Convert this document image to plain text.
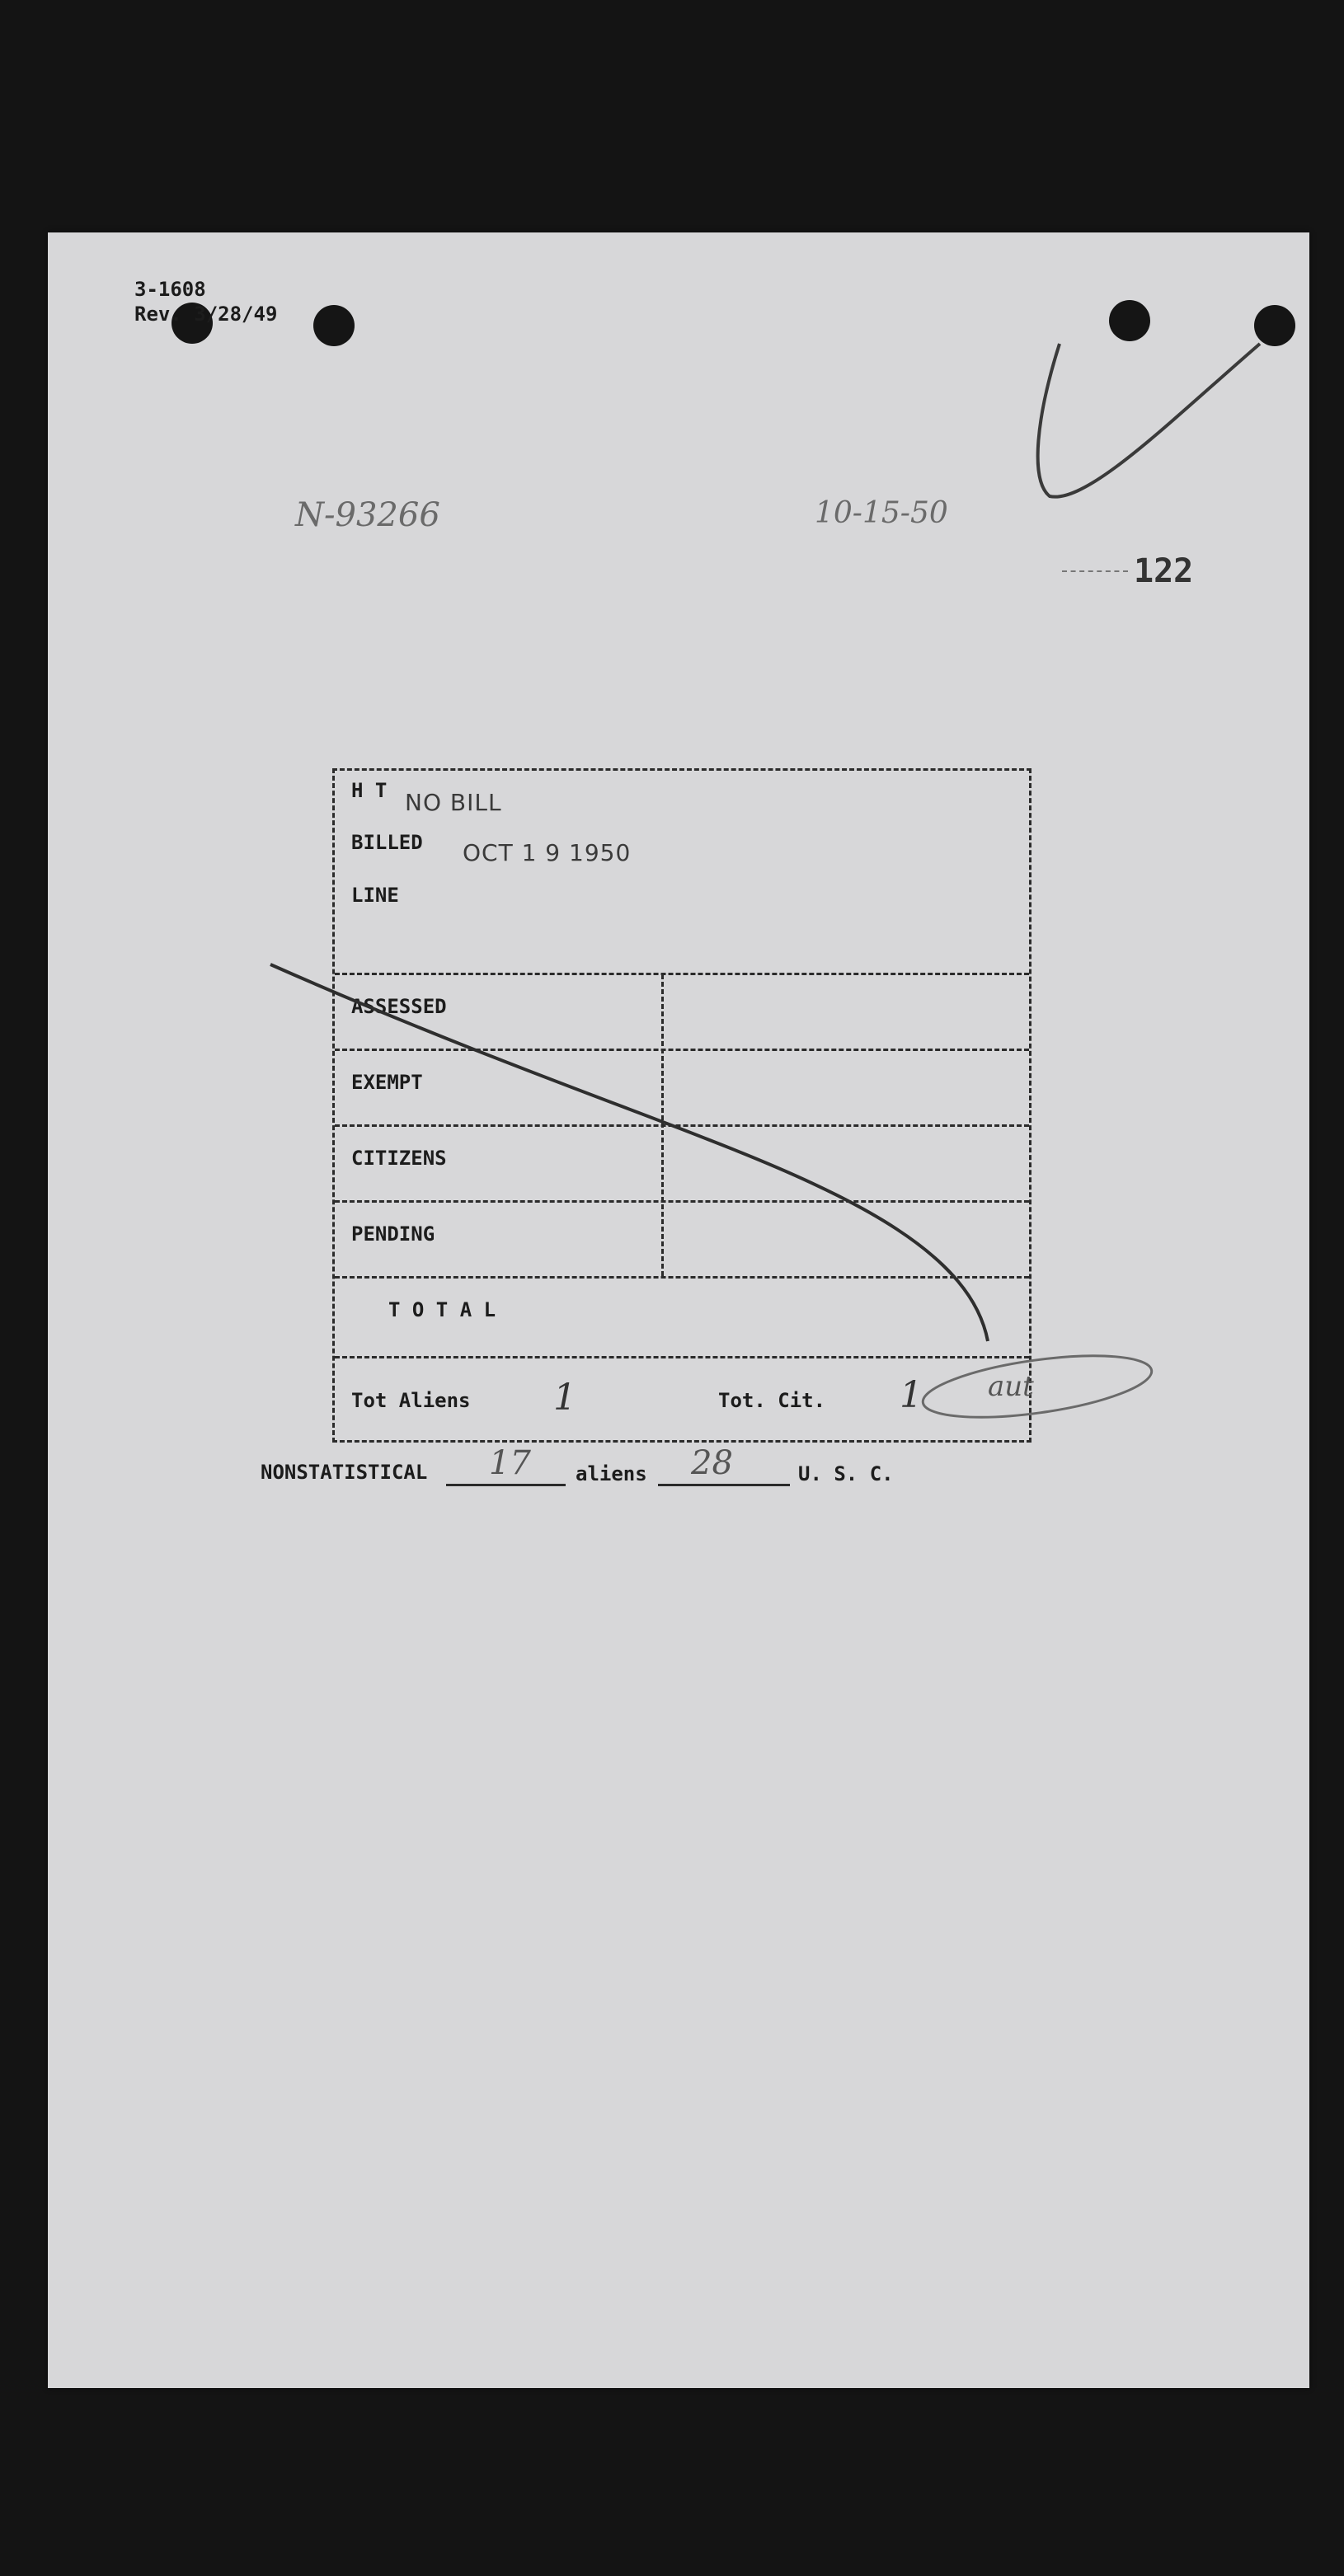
3-1608
Rev. 3/28/49
N-93266	10-15-50
122
H T NO BILL
BILLED OCT 1 9 1950
LINE
ASSESSED
EXEMPT
CITIZENS
PENDING
T O T A L
Tot Aliens 1	Tot. Cit. 1 aut
NONSTATISTICAL 17 aliens 28	U. S. C.
